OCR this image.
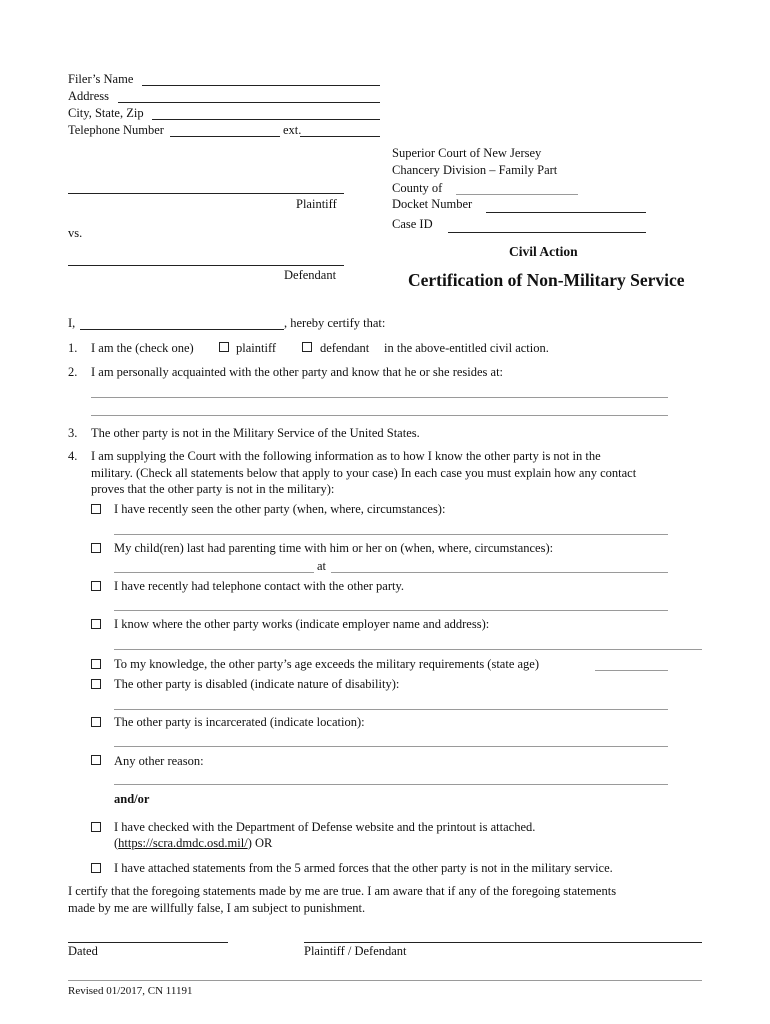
Filer’s Name
Address
City, State, Zip
Telephone Number	ext.
Superior Court of New Jersey
Chancery Division – Family Part
County of
Docket Number
Case ID
Plaintiff
vs.
Defendant
Civil Action
Certification of Non-Military Service
I,	, hereby certify that:
1. I am the (check one)	plaintiff	defendant in the above-entitled civil action.
2. I am personally acquainted with the other party and know that he or she resides at:
3. The other party is not in the Military Service of the United States.
4. I am supplying the Court with the following information as to how I know the other party is not in the
military. (Check all statements below that apply to your case) In each case you must explain how any contact
proves that the other party is not in the military):
I have recently seen the other party (when, where, circumstances):
My child(ren) last had parenting time with him or her on (when, where, circumstances):
at
I have recently had telephone contact with the other party.
I know where the other party works (indicate employer name and address):
To my knowledge, the other party’s age exceeds the military requirements (state age)
The other party is disabled (indicate nature of disability):
The other party is incarcerated (indicate location):
Any other reason:
and/or
I have checked with the Department of Defense website and the printout is attached.
(https://scra.dmdc.osd.mil/) OR
I have attached statements from the 5 armed forces that the other party is not in the military service.
I certify that the foregoing statements made by me are true. I am aware that if any of the foregoing statements
made by me are willfully false, I am subject to punishment.
Dated	Plaintiff / Defendant
Revised 01/2017, CN 11191
